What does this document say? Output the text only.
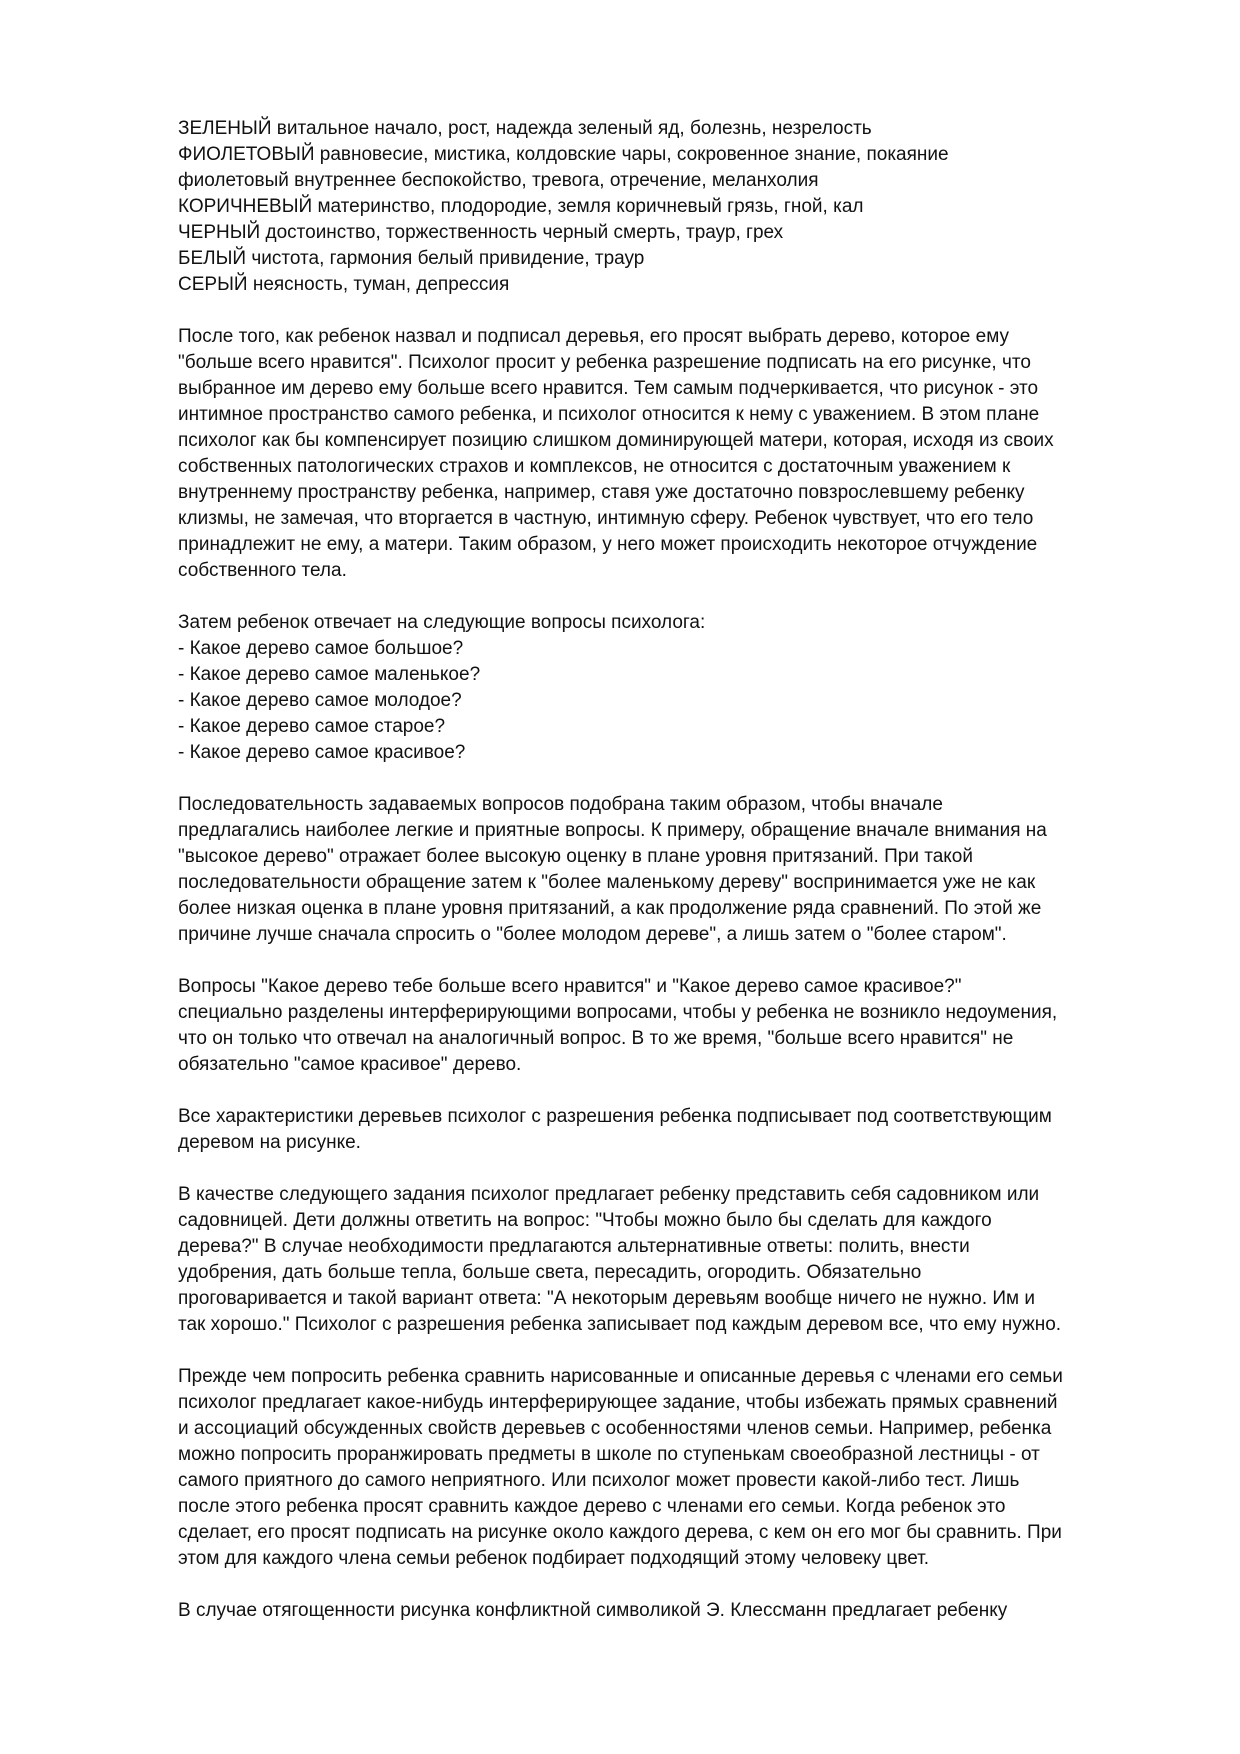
ЗЕЛЕНЫЙ витальное начало, рост, надежда зеленый яд, болезнь, незрелость
ФИОЛЕТОВЫЙ равновесие, мистика, колдовские чары, сокровенное знание, покаяние
фиолетовый внутреннее беспокойство, тревога, отречение, меланхолия
КОРИЧНЕВЫЙ материнство, плодородие, земля коричневый грязь, гной, кал
ЧЕРНЫЙ достоинство, торжественность черный смерть, траур, грех
БЕЛЫЙ чистота, гармония белый привидение, траур
СЕРЫЙ неясность, туман, депрессия
После того, как ребенок назвал и подписал деревья, его просят выбрать дерево, которое ему
"больше всего нравится". Психолог просит у ребенка разрешение подписать на его рисунке, что
выбранное им дерево ему больше всего нравится. Тем самым подчеркивается, что рисунок - это
интимное пространство самого ребенка, и психолог относится к нему с уважением. В этом плане
психолог как бы компенсирует позицию слишком доминирующей матери, которая, исходя из своих
собственных патологических страхов и комплексов, не относится с достаточным уважением к
внутреннему пространству ребенка, например, ставя уже достаточно повзрослевшему ребенку
клизмы, не замечая, что вторгается в частную, интимную сферу. Ребенок чувствует, что его тело
принадлежит не ему, а матери. Таким образом, у него может происходить некоторое отчуждение
собственного тела.
Затем ребенок отвечает на следующие вопросы психолога:
- Какое дерево самое большое?
- Какое дерево самое маленькое?
- Какое дерево самое молодое?
- Какое дерево самое старое?
- Какое дерево самое красивое?
Последовательность задаваемых вопросов подобрана таким образом, чтобы вначале
предлагались наиболее легкие и приятные вопросы. К примеру, обращение вначале внимания на
"высокое дерево" отражает более высокую оценку в плане уровня притязаний. При такой
последовательности обращение затем к "более маленькому дереву" воспринимается уже не как
более низкая оценка в плане уровня притязаний, а как продолжение ряда сравнений. По этой же
причине лучше сначала спросить о "более молодом дереве", а лишь затем о "более старом".
Вопросы "Какое дерево тебе больше всего нравится" и "Какое дерево самое красивое?"
специально разделены интерферирующими вопросами, чтобы у ребенка не возникло недоумения,
что он только что отвечал на аналогичный вопрос. В то же время, "больше всего нравится" не
обязательно "самое красивое" дерево.
Все характеристики деревьев психолог с разрешения ребенка подписывает под соответствующим
деревом на рисунке.
В качестве следующего задания психолог предлагает ребенку представить себя садовником или
садовницей. Дети должны ответить на вопрос: "Чтобы можно было бы сделать для каждого
дерева?" В случае необходимости предлагаются альтернативные ответы: полить, внести
удобрения, дать больше тепла, больше света, пересадить, огородить. Обязательно
проговаривается и такой вариант ответа: "А некоторым деревьям вообще ничего не нужно. Им и
так хорошо." Психолог с разрешения ребенка записывает под каждым деревом все, что ему нужно.
Прежде чем попросить ребенка сравнить нарисованные и описанные деревья с членами его семьи
психолог предлагает какое-нибудь интерферирующее задание, чтобы избежать прямых сравнений
и ассоциаций обсужденных свойств деревьев с особенностями членов семьи. Например, ребенка
можно попросить проранжировать предметы в школе по ступенькам своеобразной лестницы - от
самого приятного до самого неприятного. Или психолог может провести какой-либо тест. Лишь
после этого ребенка просят сравнить каждое дерево с членами его семьи. Когда ребенок это
сделает, его просят подписать на рисунке около каждого дерева, с кем он его мог бы сравнить. При
этом для каждого члена семьи ребенок подбирает подходящий этому человеку цвет.
В случае отягощенности рисунка конфликтной символикой Э. Клессманн предлагает ребенку
